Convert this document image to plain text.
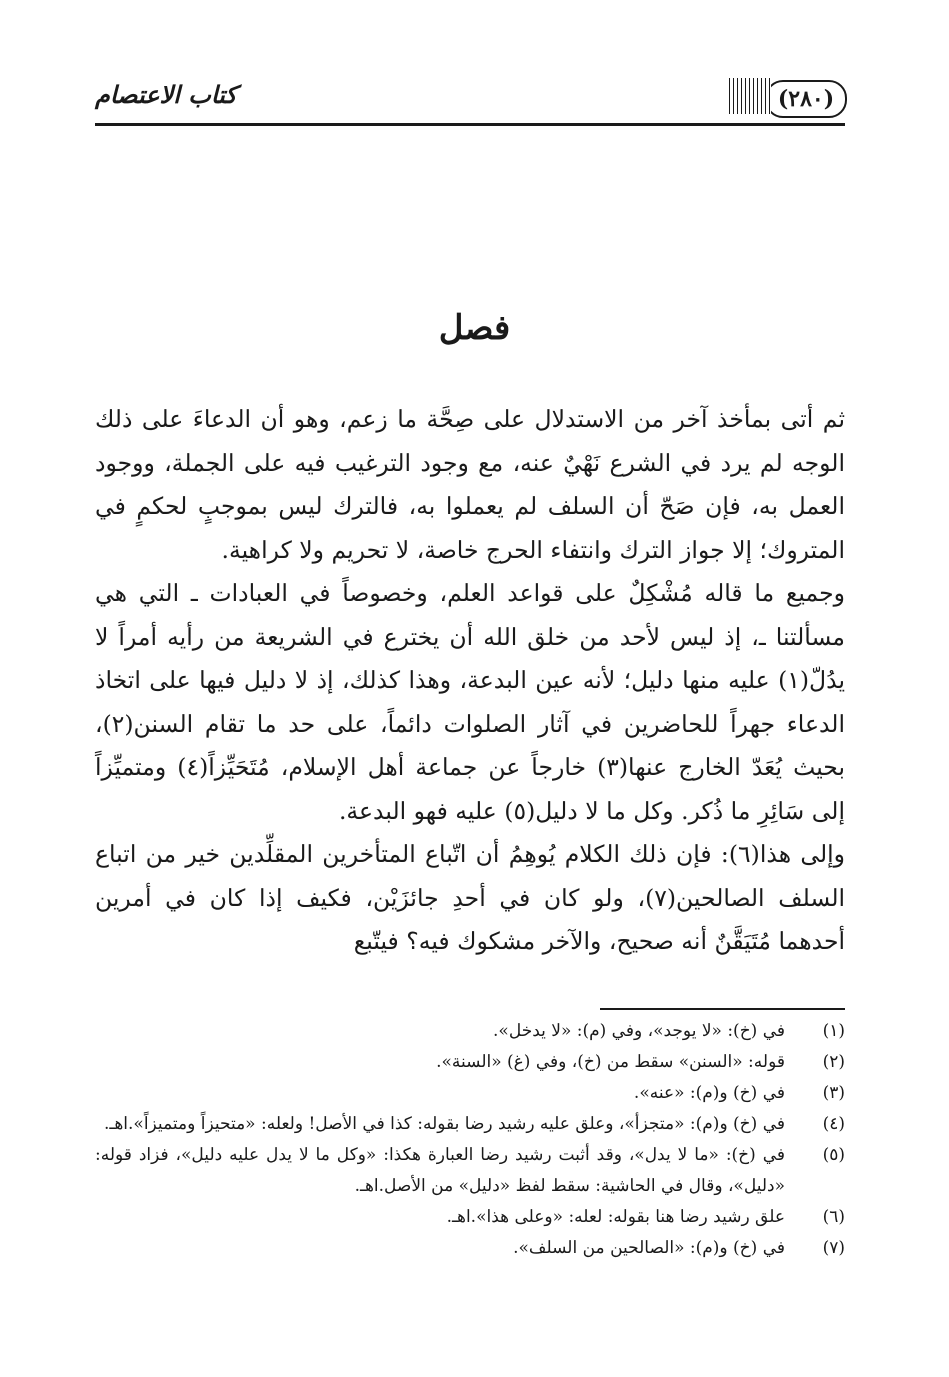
(٢٨٠)
كتاب الاعتصام
فصل

ثم أتى بمأخذ آخر من الاستدلال على صِحَّة ما زعم، وهو أن الدعاءَ على ذلك الوجه لم يرد في الشرع نَهْيٌ عنه، مع وجود الترغيب فيه على الجملة، ووجود العمل به، فإن صَحّ أن السلف لم يعملوا به، فالترك ليس بموجبٍ لحكمٍ في المتروك؛ إلا جواز الترك وانتفاء الحرج خاصة، لا تحريم ولا كراهية.

وجميع ما قاله مُشْكِلٌ على قواعد العلم، وخصوصاً في العبادات ـ التي هي مسألتنا ـ، إذ ليس لأحد من خلق الله أن يخترع في الشريعة من رأيه أمراً لا يدُلّ(١) عليه منها دليل؛ لأنه عين البدعة، وهذا كذلك، إذ لا دليل فيها على اتخاذ الدعاء جهراً للحاضرين في آثار الصلوات دائماً، على حد ما تقام السنن(٢)، بحيث يُعَدّ الخارج عنها(٣) خارجاً عن جماعة أهل الإسلام، مُتَحَيِّزاً(٤) ومتميِّزاً إلى سَائِرِ ما ذُكر. وكل ما لا دليل(٥) عليه فهو البدعة.

وإلى هذا(٦): فإن ذلك الكلام يُوهِمُ أن اتّباع المتأخرين المقلِّدين خير من اتباع السلف الصالحين(٧)، ولو كان في أحدِ جائزَيْن، فكيف إذا كان في أمرين أحدهما مُتَيَقَّنٌ أنه صحيح، والآخر مشكوك فيه؟ فيتّبع

(١)
في (خ): «لا يوجد»، وفي (م): «لا يدخل».
(٢)
قوله: «السنن» سقط من (خ)، وفي (غ) «السنة».
(٣)
في (خ) و(م): «عنه».
(٤)
في (خ) و(م): «متجزأ»، وعلق عليه رشيد رضا بقوله: كذا في الأصل! ولعله: «متحيزاً ومتميزاً».اهـ.
(٥)
في (خ): «ما لا يدل»، وقد أثبت رشيد رضا العبارة هكذا: «وكل ما لا يدل عليه دليل»، فزاد قوله: «دليل»، وقال في الحاشية: سقط لفظ «دليل» من الأصل.اهـ.
(٦)
علق رشيد رضا هنا بقوله: لعله: «وعلى هذا».اهـ.
(٧)
في (خ) و(م): «الصالحين من السلف».
